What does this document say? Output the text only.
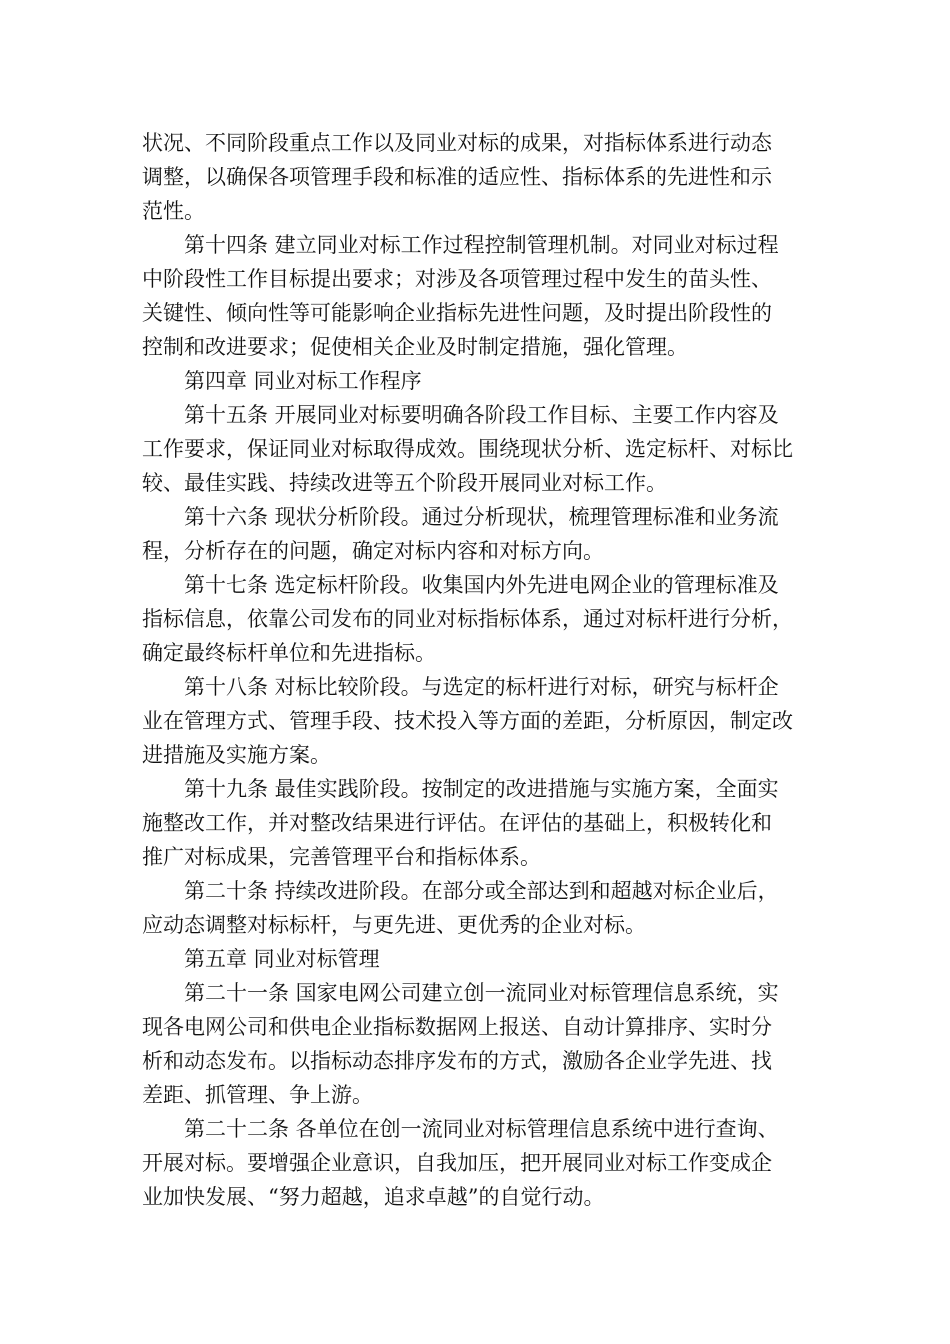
状况、不同阶段重点工作以及同业对标的成果，对指标体系进行动态
调整，以确保各项管理手段和标准的适应性、指标体系的先进性和示
范性。
第十四条 建立同业对标工作过程控制管理机制。对同业对标过程
中阶段性工作目标提出要求；对涉及各项管理过程中发生的苗头性、
关键性、倾向性等可能影响企业指标先进性问题，及时提出阶段性的
控制和改进要求；促使相关企业及时制定措施，强化管理。
第四章 同业对标工作程序
第十五条 开展同业对标要明确各阶段工作目标、主要工作内容及
工作要求，保证同业对标取得成效。围绕现状分析、选定标杆、对标比
较、最佳实践、持续改进等五个阶段开展同业对标工作。
第十六条 现状分析阶段。通过分析现状，梳理管理标准和业务流
程，分析存在的问题，确定对标内容和对标方向。
第十七条 选定标杆阶段。收集国内外先进电网企业的管理标准及
指标信息，依靠公司发布的同业对标指标体系，通过对标杆进行分析，
确定最终标杆单位和先进指标。
第十八条 对标比较阶段。与选定的标杆进行对标，研究与标杆企
业在管理方式、管理手段、技术投入等方面的差距，分析原因，制定改
进措施及实施方案。
第十九条 最佳实践阶段。按制定的改进措施与实施方案，全面实
施整改工作，并对整改结果进行评估。在评估的基础上，积极转化和
推广对标成果，完善管理平台和指标体系。
第二十条 持续改进阶段。在部分或全部达到和超越对标企业后，
应动态调整对标标杆，与更先进、更优秀的企业对标。
第五章 同业对标管理
第二十一条 国家电网公司建立创一流同业对标管理信息系统，实
现各电网公司和供电企业指标数据网上报送、自动计算排序、实时分
析和动态发布。以指标动态排序发布的方式，激励各企业学先进、找
差距、抓管理、争上游。
第二十二条 各单位在创一流同业对标管理信息系统中进行查询、
开展对标。要增强企业意识，自我加压，把开展同业对标工作变成企
业加快发展、“努力超越，追求卓越”的自觉行动。
